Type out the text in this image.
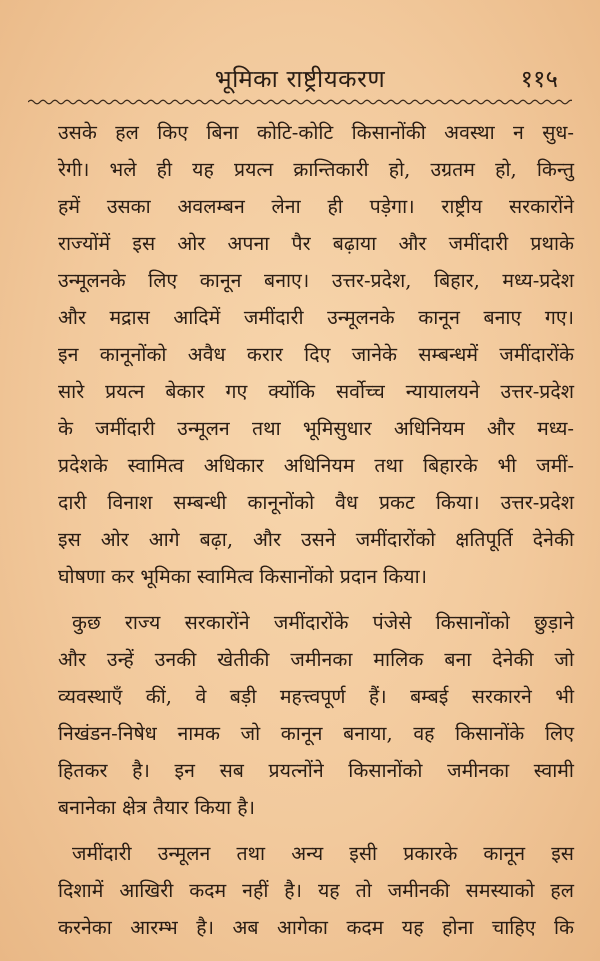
भूमिका राष्ट्रीयकरण	११५
उसके हल किए बिना कोटि-कोटि किसानोंकी अवस्था न सुध-
रेगी। भले ही यह प्रयत्न क्रान्तिकारी हो, उग्रतम हो, किन्तु
हमें उसका अवलम्बन लेना ही पड़ेगा। राष्ट्रीय सरकारोंने
राज्योंमें इस ओर अपना पैर बढ़ाया और जमींदारी प्रथाके
उन्मूलनके लिए कानून बनाए। उत्तर-प्रदेश, बिहार, मध्य-प्रदेश
और मद्रास आदिमें जमींदारी उन्मूलनके कानून बनाए गए।
इन कानूनोंको अवैध करार दिए जानेके सम्बन्धमें जमींदारोंके
सारे प्रयत्न बेकार गए क्योंकि सर्वोच्च न्यायालयने उत्तर-प्रदेश
के जमींदारी उन्मूलन तथा भूमिसुधार अधिनियम और मध्य-
प्रदेशके स्वामित्व अधिकार अधिनियम तथा बिहारके भी जमीं-
दारी विनाश सम्बन्धी कानूनोंको वैध प्रकट किया। उत्तर-प्रदेश
इस ओर आगे बढ़ा, और उसने जमींदारोंको क्षतिपूर्ति देनेकी
घोषणा कर भूमिका स्वामित्व किसानोंको प्रदान किया।
कुछ राज्य सरकारोंने जमींदारोंके पंजेसे किसानोंको छुड़ाने
और उन्हें उनकी खेतीकी जमीनका मालिक बना देनेकी जो
व्यवस्थाएँ कीं, वे बड़ी महत्त्वपूर्ण हैं। बम्बई सरकारने भी
निखंडन-निषेध नामक जो कानून बनाया, वह किसानोंके लिए
हितकर है। इन सब प्रयत्नोंने किसानोंको जमीनका स्वामी
बनानेका क्षेत्र तैयार किया है।
जमींदारी उन्मूलन तथा अन्य इसी प्रकारके कानून इस
दिशामें आखिरी कदम नहीं है। यह तो जमीनकी समस्याको हल
करनेका आरम्भ है। अब आगेका कदम यह होना चाहिए कि
